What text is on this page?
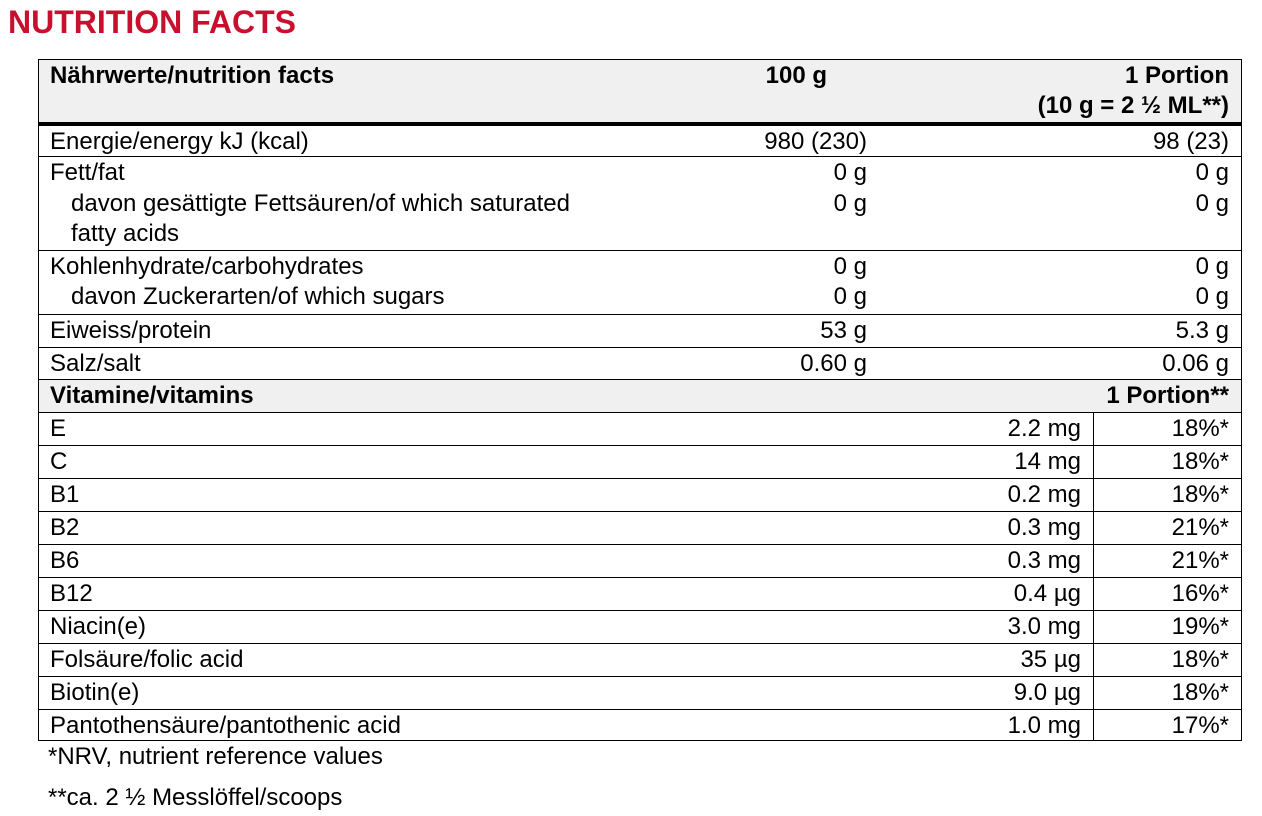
NUTRITION FACTS
Nährwerte/nutrition facts	100 g	1 Portion
(10 g = 2 ½ ML**)
Energie/energy kJ (kcal)	980 (230)	98 (23)
Fett/fat	0 g	0 g
davon gesättigte Fettsäuren/of which saturated
fatty acids
0 g	0 g
Kohlenhydrate/carbohydrates	0 g	0 g
davon Zuckerarten/of which sugars	0 g	0 g
Eiweiss/protein	53 g	5.3 g
Salz/salt	0.60 g	0.06 g
Vitamine/vitamins	1 Portion**
E	2.2 mg	18%*
C	14 mg	18%*
B1	0.2 mg	18%*
B2	0.3 mg	21%*
B6	0.3 mg	21%*
B12	0.4 µg	16%*
Niacin(e)	3.0 mg	19%*
Folsäure/folic acid	35 µg	18%*
Biotin(e)	9.0 µg	18%*
Pantothensäure/pantothenic acid	1.0 mg	17%*
*NRV, nutrient reference values
**ca. 2 ½ Messlöffel/scoops
